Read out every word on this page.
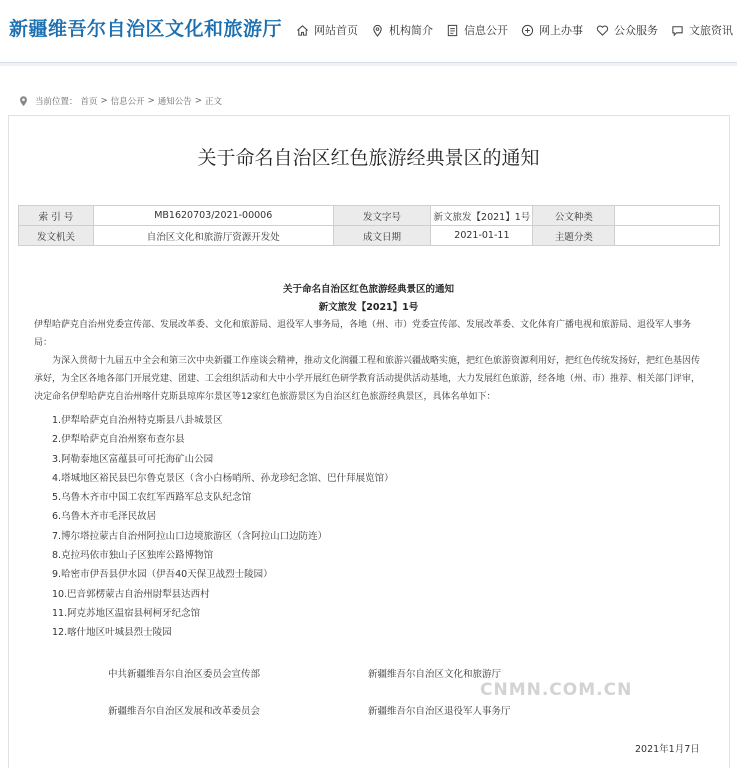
新疆维吾尔自治区文化和旅游厅	网站首页	机构简介	信息公开	网上办事	公众服务	文旅资讯
当前位置： 首页 > 信息公开 > 通知公告 > 正文
关于命名自治区红色旅游经典景区的通知
索 引 号	MB1620703/2021-00006	发文字号	新文旅发【2021】1号	公文种类	
发文机关	自治区文化和旅游厅资源开发处	成文日期	2021-01-11	主题分类	
关于命名自治区红色旅游经典景区的通知
新文旅发【2021】1号
伊犁哈萨克自治州党委宣传部、发展改革委、文化和旅游局、退役军人事务局，各地（州、市）党委宣传部、发展改革委、文化体育广播电视和旅游局、退役军人事务局：
为深入贯彻十九届五中全会和第三次中央新疆工作座谈会精神，推动文化润疆工程和旅游兴疆战略实施，把红色旅游资源利用好，把红色传统发扬好，把红色基因传承好，为全区各地各部门开展党建、团建、工会组织活动和大中小学开展红色研学教育活动提供活动基地，大力发展红色旅游，经各地（州、市）推荐、相关部门评审，决定命名伊犁哈萨克自治州喀什克斯县琼库尔景区等12家红色旅游景区为自治区红色旅游经典景区，具体名单如下：
1.伊犁哈萨克自治州特克斯县八卦城景区
2.伊犁哈萨克自治州察布查尔县
3.阿勒泰地区富蕴县可可托海矿山公园
4.塔城地区裕民县巴尔鲁克景区（含小白杨哨所、孙龙珍纪念馆、巴什拜展览馆）
5.乌鲁木齐市中国工农红军西路军总支队纪念馆
6.乌鲁木齐市毛泽民故居
7.博尔塔拉蒙古自治州阿拉山口边境旅游区（含阿拉山口边防连）
8.克拉玛依市独山子区独库公路博物馆
9.哈密市伊吾县伊水园（伊吾40天保卫战烈士陵园）
10.巴音郭楞蒙古自治州尉犁县达西村
11.阿克苏地区温宿县柯柯牙纪念馆
12.喀什地区叶城县烈士陵园
中共新疆维吾尔自治区委员会宣传部	新疆维吾尔自治区文化和旅游厅
新疆维吾尔自治区发展和改革委员会	新疆维吾尔自治区退役军人事务厅
2021年1月7日
CNMN.COM.CN
